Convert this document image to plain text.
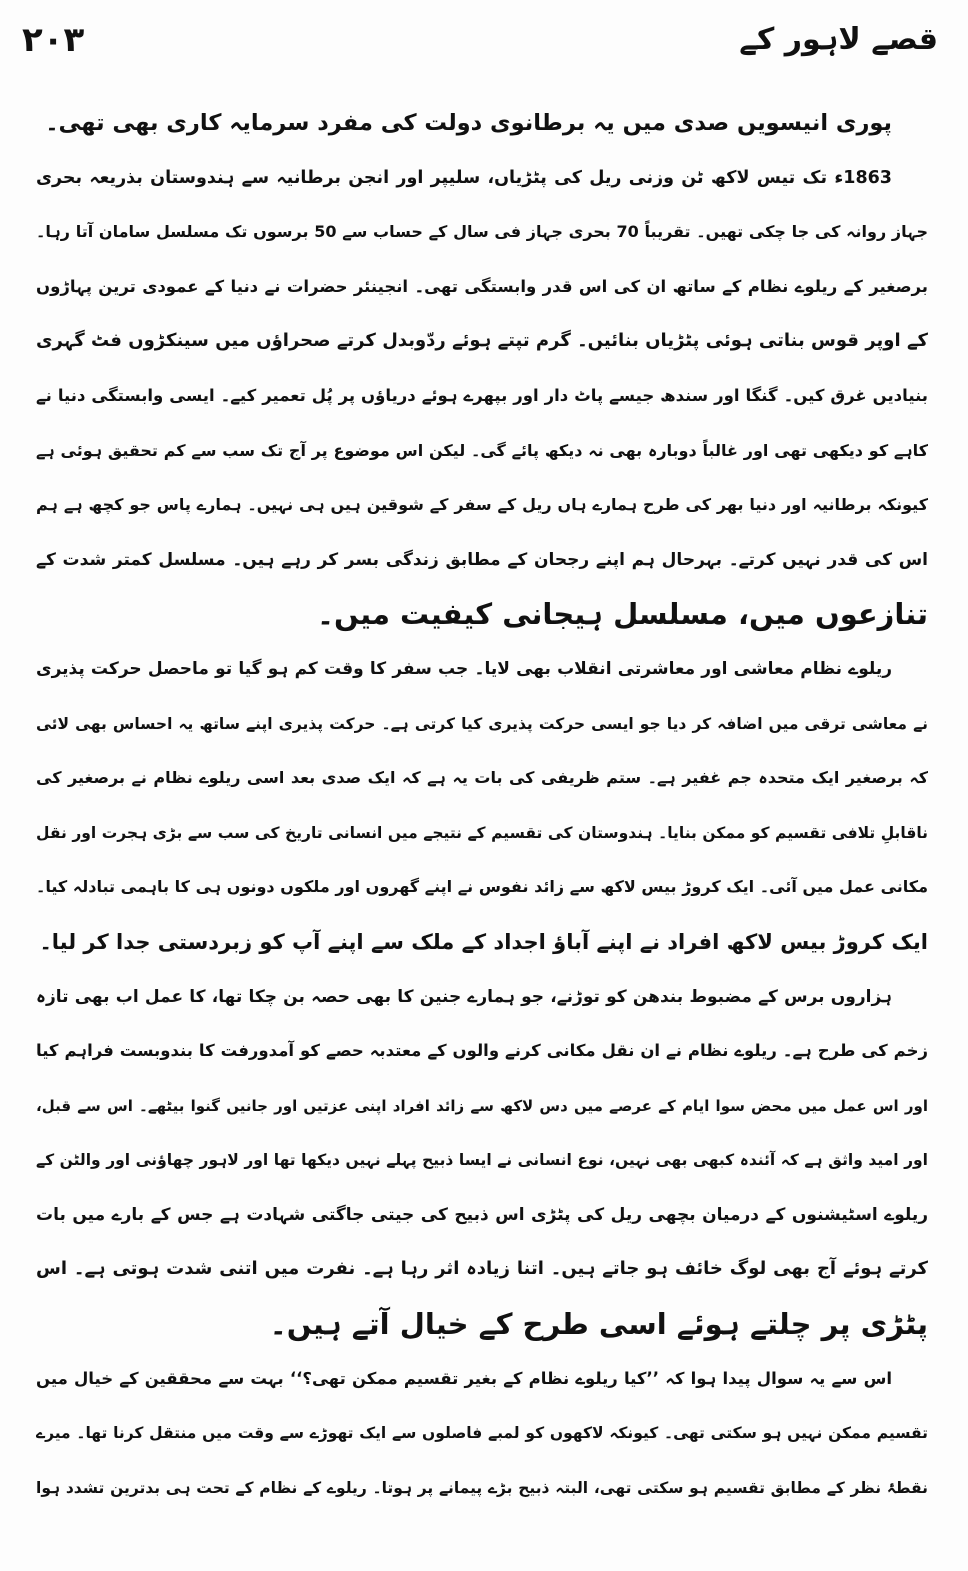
قصے لاہور کے
۲۰۳
پوری انیسویں صدی میں یہ برطانوی دولت کی مفرد سرمایہ کاری بھی تھی۔
1863ء تک تیس لاکھ ٹن وزنی ریل کی پٹڑیاں، سلیپر اور انجن برطانیہ سے ہندوستان بذریعہ بحری
جہاز روانہ کی جا چکی تھیں۔ تقریباً 70 بحری جہاز فی سال کے حساب سے 50 برسوں تک مسلسل سامان آتا رہا۔
برصغیر کے ریلوے نظام کے ساتھ ان کی اس قدر وابستگی تھی۔ انجینئر حضرات نے دنیا کے عمودی ترین پہاڑوں
کے اوپر قوس بناتی ہوئی پٹڑیاں بنائیں۔ گرم تپتے ہوئے ردّوبدل کرتے صحراؤں میں سینکڑوں فٹ گہری
بنیادیں غرق کیں۔ گنگا اور سندھ جیسے پاٹ دار اور بپھرے ہوئے دریاؤں پر پُل تعمیر کیے۔ ایسی وابستگی دنیا نے
کاہے کو دیکھی تھی اور غالباً دوبارہ بھی نہ دیکھ پائے گی۔ لیکن اس موضوع پر آج تک سب سے کم تحقیق ہوئی ہے
کیونکہ برطانیہ اور دنیا بھر کی طرح ہمارے ہاں ریل کے سفر کے شوقین ہیں ہی نہیں۔ ہمارے پاس جو کچھ ہے ہم
اس کی قدر نہیں کرتے۔ بہرحال ہم اپنے رجحان کے مطابق زندگی بسر کر رہے ہیں۔ مسلسل کمتر شدت کے
تنازعوں میں، مسلسل ہیجانی کیفیت میں۔
ریلوے نظام معاشی اور معاشرتی انقلاب بھی لایا۔ جب سفر کا وقت کم ہو گیا تو ماحصل حرکت پذیری
نے معاشی ترقی میں اضافہ کر دیا جو ایسی حرکت پذیری کیا کرتی ہے۔ حرکت پذیری اپنے ساتھ یہ احساس بھی لائی
کہ برصغیر ایک متحدہ جم غفیر ہے۔ ستم ظریفی کی بات یہ ہے کہ ایک صدی بعد اسی ریلوے نظام نے برصغیر کی
ناقابلِ تلافی تقسیم کو ممکن بنایا۔ ہندوستان کی تقسیم کے نتیجے میں انسانی تاریخ کی سب سے بڑی ہجرت اور نقل
مکانی عمل میں آئی۔ ایک کروڑ بیس لاکھ سے زائد نفوس نے اپنے گھروں اور ملکوں دونوں ہی کا باہمی تبادلہ کیا۔
ایک کروڑ بیس لاکھ افراد نے اپنے آباؤ اجداد کے ملک سے اپنے آپ کو زبردستی جدا کر لیا۔
ہزاروں برس کے مضبوط بندھن کو توڑنے، جو ہمارے جنین کا بھی حصہ بن چکا تھا، کا عمل اب بھی تازہ
زخم کی طرح ہے۔ ریلوے نظام نے ان نقل مکانی کرنے والوں کے معتدبہ حصے کو آمدورفت کا بندوبست فراہم کیا
اور اس عمل میں محض سوا ایام کے عرصے میں دس لاکھ سے زائد افراد اپنی عزتیں اور جانیں گنوا بیٹھے۔ اس سے قبل،
اور امید واثق ہے کہ آئندہ کبھی بھی نہیں، نوع انسانی نے ایسا ذبیح پہلے نہیں دیکھا تھا اور لاہور چھاؤنی اور والٹن کے
ریلوے اسٹیشنوں کے درمیان بچھی ریل کی پٹڑی اس ذبیح کی جیتی جاگتی شہادت ہے جس کے بارے میں بات
کرتے ہوئے آج بھی لوگ خائف ہو جاتے ہیں۔ اتنا زیادہ اثر رہا ہے۔ نفرت میں اتنی شدت ہوتی ہے۔ اس
پٹڑی پر چلتے ہوئے اسی طرح کے خیال آتے ہیں۔
اس سے یہ سوال پیدا ہوا کہ ’’کیا ریلوے نظام کے بغیر تقسیم ممکن تھی؟‘‘ بہت سے محققین کے خیال میں
تقسیم ممکن نہیں ہو سکتی تھی۔ کیونکہ لاکھوں کو لمبے فاصلوں سے ایک تھوڑے سے وقت میں منتقل کرنا تھا۔ میرے
نقطۂ نظر کے مطابق تقسیم ہو سکتی تھی، البتہ ذبیح بڑے پیمانے پر ہوتا۔ ریلوے کے نظام کے تحت ہی بدترین تشدد ہوا
